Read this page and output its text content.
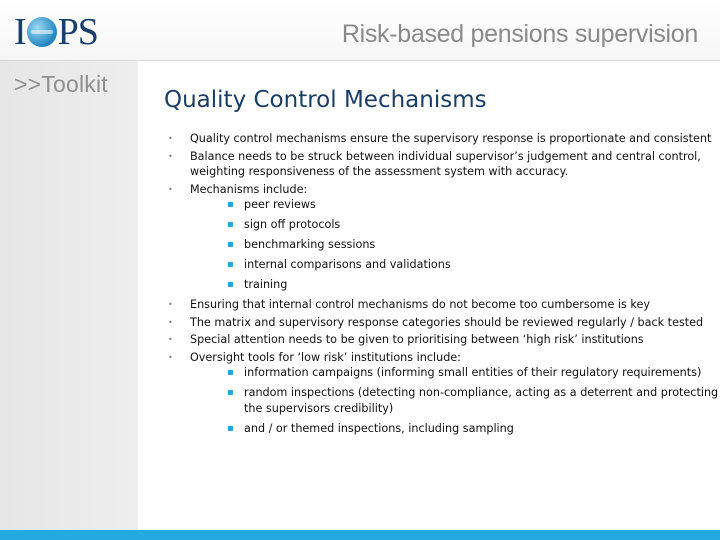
I PS	Risk-based pensions supervision
>>Toolkit
Quality Control Mechanisms
• Quality control mechanisms ensure the supervisory response is proportionate and consistent
• Balance needs to be struck between individual supervisor’s judgement and central control, weighting responsiveness of the assessment system with accuracy.
• Mechanisms include:
▪ peer reviews
▪ sign off protocols
▪ benchmarking sessions
▪ internal comparisons and validations
▪ training
• Ensuring that internal control mechanisms do not become too cumbersome is key
• The matrix and supervisory response categories should be reviewed regularly / back tested
• Special attention needs to be given to prioritising between ‘high risk’ institutions
• Oversight tools for ‘low risk’ institutions include:
▪ information campaigns (informing small entities of their regulatory requirements)
▪ random inspections (detecting non-compliance, acting as a deterrent and protecting the supervisors credibility)
▪ and / or themed inspections, including sampling
